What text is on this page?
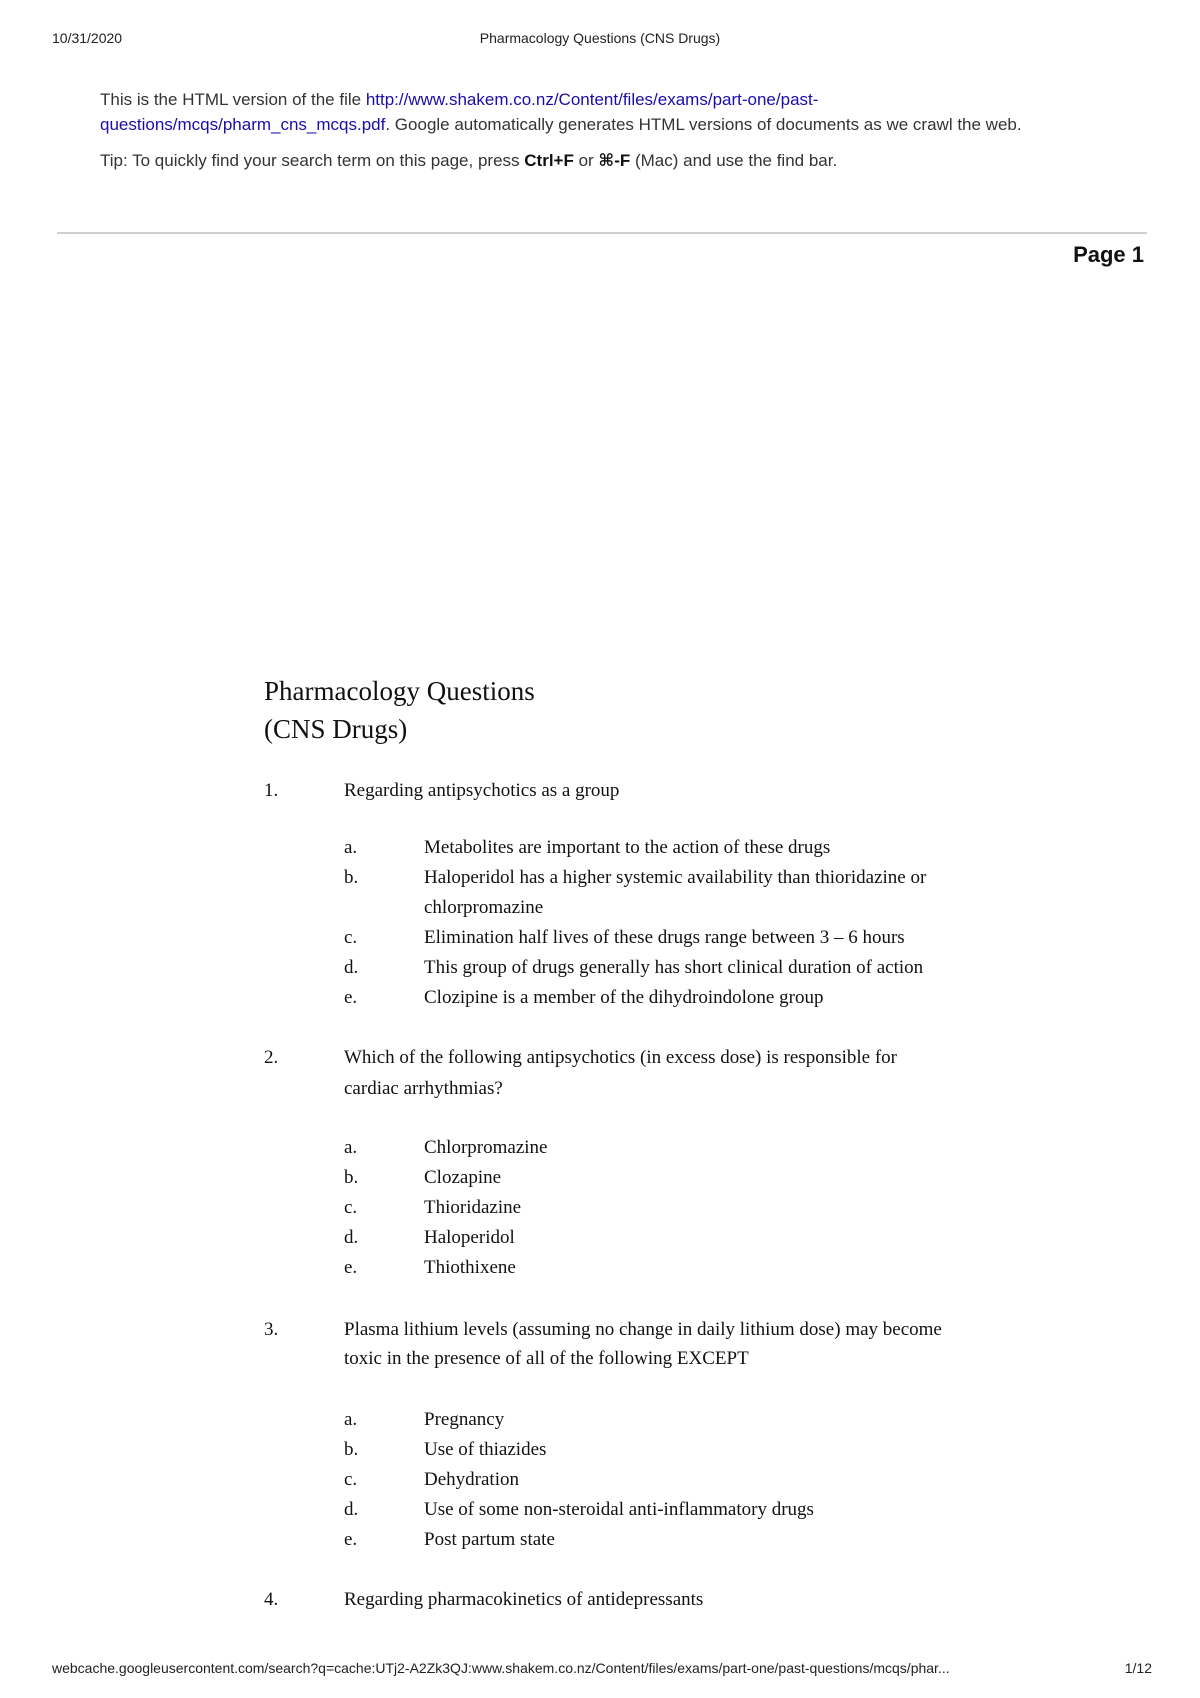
10/31/2020	Pharmacology Questions (CNS Drugs)

This is the HTML version of the file http://www.shakem.co.nz/Content/files/exams/part-one/past-questions/mcqs/pharm_cns_mcqs.pdf. Google automatically generates HTML versions of documents as we crawl the web.

Tip: To quickly find your search term on this page, press Ctrl+F or ⌘-F (Mac) and use the find bar.

Page 1
Pharmacology Questions
(CNS Drugs)
1.	Regarding antipsychotics as a group
a.	Metabolites are important to the action of these drugs
b.	Haloperidol has a higher systemic availability than thioridazine or
chlorpromazine
c.	Elimination half lives of these drugs range between 3 – 6 hours
d.	This group of drugs generally has short clinical duration of action
e.	Clozipine is a member of the dihydroindolone group
2.	Which of the following antipsychotics (in excess dose) is responsible for
cardiac arrhythmias?
a.	Chlorpromazine
b.	Clozapine
c.	Thioridazine
d.	Haloperidol
e.	Thiothixene
3.	Plasma lithium levels (assuming no change in daily lithium dose) may become
toxic in the presence of all of the following EXCEPT
a.	Pregnancy
b.	Use of thiazides
c.	Dehydration
d.	Use of some non-steroidal anti-inflammatory drugs
e.	Post partum state
4.	Regarding pharmacokinetics of antidepressants
webcache.googleusercontent.com/search?q=cache:UTj2-A2Zk3QJ:www.shakem.co.nz/Content/files/exams/part-one/past-questions/mcqs/phar...	1/12
